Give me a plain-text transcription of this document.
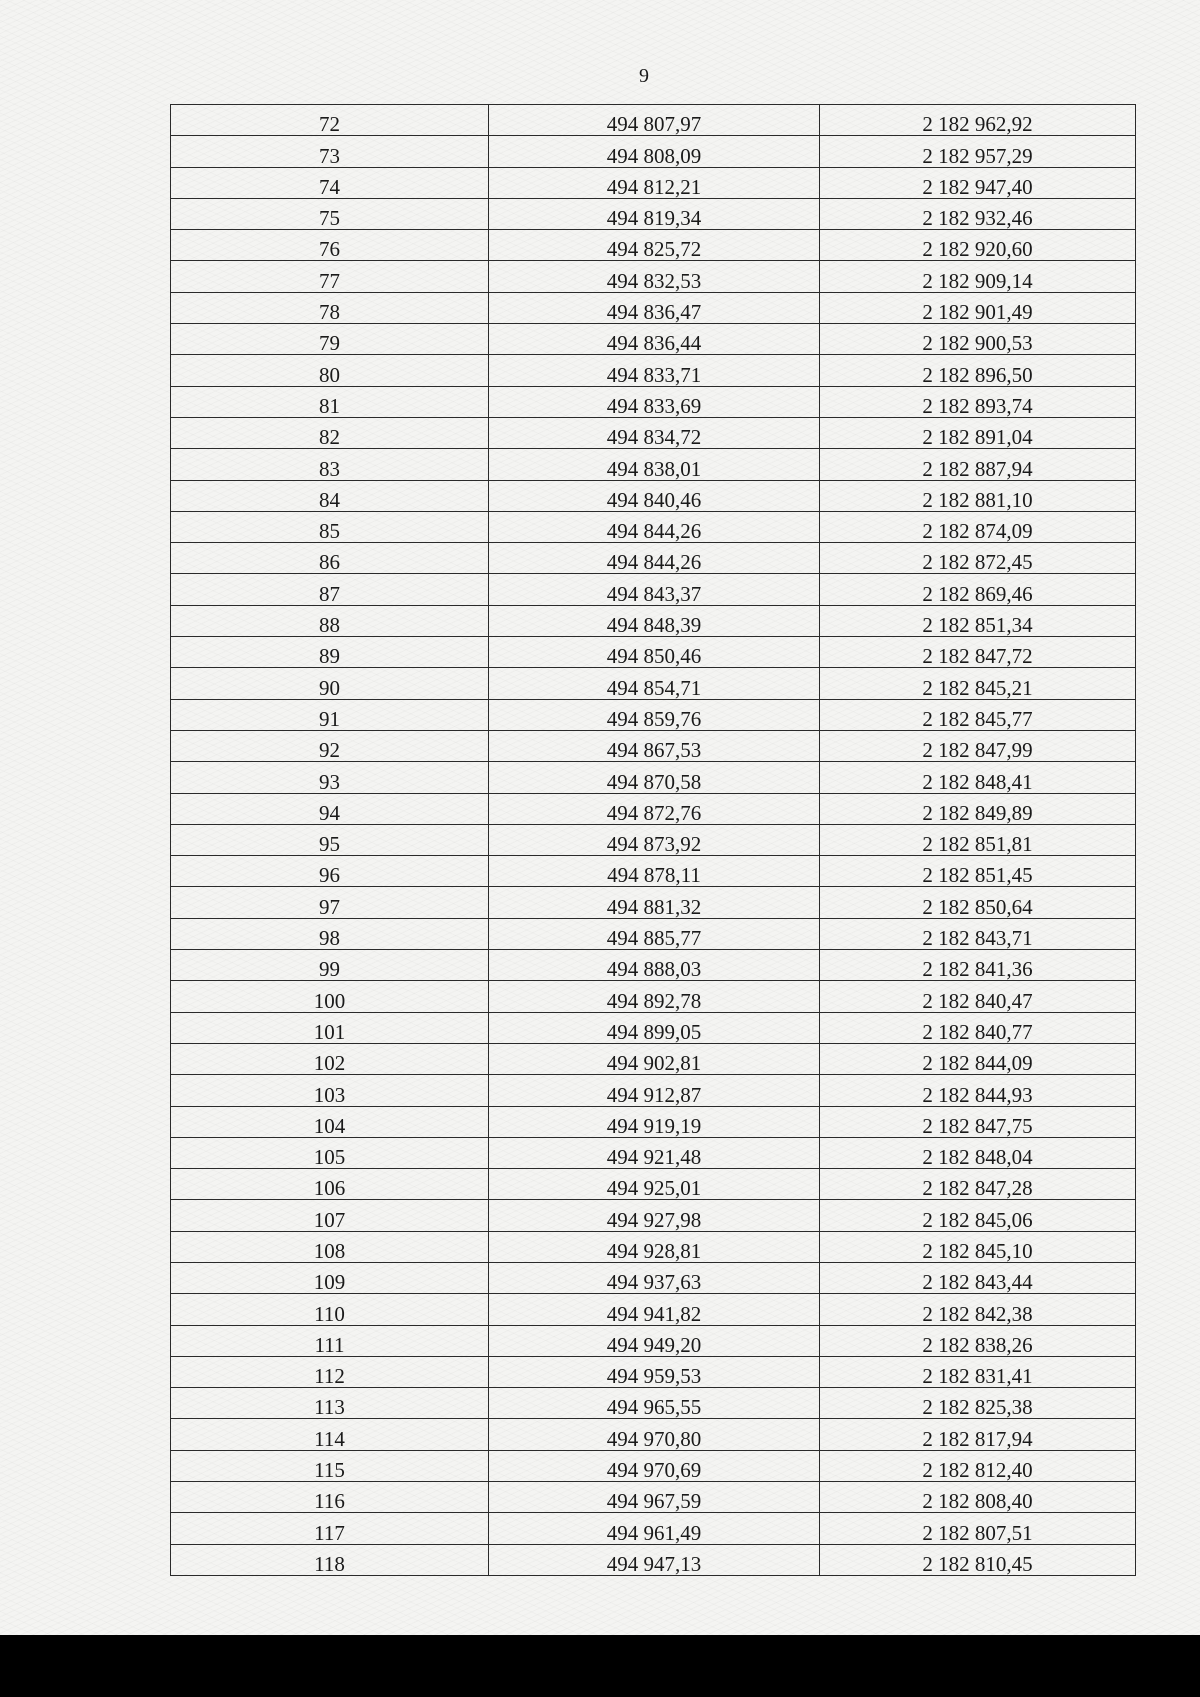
9
72	494 807,97	2 182 962,92
73	494 808,09	2 182 957,29
74	494 812,21	2 182 947,40
75	494 819,34	2 182 932,46
76	494 825,72	2 182 920,60
77	494 832,53	2 182 909,14
78	494 836,47	2 182 901,49
79	494 836,44	2 182 900,53
80	494 833,71	2 182 896,50
81	494 833,69	2 182 893,74
82	494 834,72	2 182 891,04
83	494 838,01	2 182 887,94
84	494 840,46	2 182 881,10
85	494 844,26	2 182 874,09
86	494 844,26	2 182 872,45
87	494 843,37	2 182 869,46
88	494 848,39	2 182 851,34
89	494 850,46	2 182 847,72
90	494 854,71	2 182 845,21
91	494 859,76	2 182 845,77
92	494 867,53	2 182 847,99
93	494 870,58	2 182 848,41
94	494 872,76	2 182 849,89
95	494 873,92	2 182 851,81
96	494 878,11	2 182 851,45
97	494 881,32	2 182 850,64
98	494 885,77	2 182 843,71
99	494 888,03	2 182 841,36
100	494 892,78	2 182 840,47
101	494 899,05	2 182 840,77
102	494 902,81	2 182 844,09
103	494 912,87	2 182 844,93
104	494 919,19	2 182 847,75
105	494 921,48	2 182 848,04
106	494 925,01	2 182 847,28
107	494 927,98	2 182 845,06
108	494 928,81	2 182 845,10
109	494 937,63	2 182 843,44
110	494 941,82	2 182 842,38
111	494 949,20	2 182 838,26
112	494 959,53	2 182 831,41
113	494 965,55	2 182 825,38
114	494 970,80	2 182 817,94
115	494 970,69	2 182 812,40
116	494 967,59	2 182 808,40
117	494 961,49	2 182 807,51
118	494 947,13	2 182 810,45
